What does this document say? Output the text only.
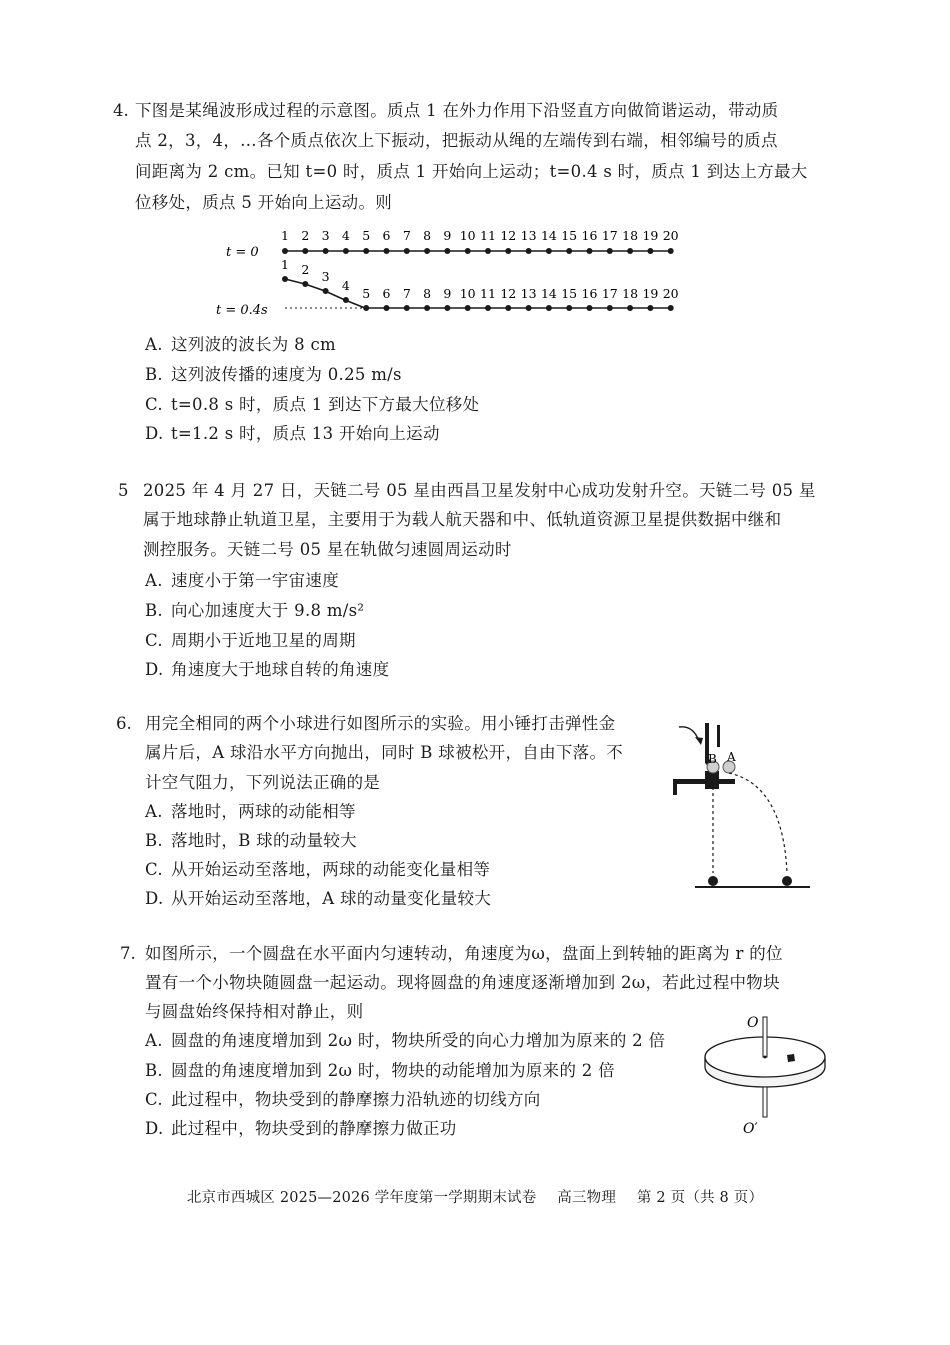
4. 下图是某绳波形成过程的示意图。质点 1 在外力作用下沿竖直方向做简谐运动，带动质
点 2，3，4，…各个质点依次上下振动，把振动从绳的左端传到右端，相邻编号的质点
间距离为 2 cm。已知 t=0 时，质点 1 开始向上运动；t=0.4 s 时，质点 1 到达上方最大
位移处，质点 5 开始向上运动。则
t = 0
1 2 3 4 5 6 7 8 9 10 11 12 13 14 15 16 17 18 19 20
t = 0.4s
1 2 3
4
5 6 7 8 9 10 11 12 13 14 15 16 17 18 19 20
A. 这列波的波长为 8 cm
B. 这列波传播的速度为 0.25 m/s
C. t=0.8 s 时，质点 1 到达下方最大位移处
D. t=1.2 s 时，质点 13 开始向上运动
5 2025 年 4 月 27 日，天链二号 05 星由西昌卫星发射中心成功发射升空。天链二号 05 星
属于地球静止轨道卫星，主要用于为载人航天器和中、低轨道资源卫星提供数据中继和
测控服务。天链二号 05 星在轨做匀速圆周运动时
A. 速度小于第一宇宙速度
B. 向心加速度大于 9.8 m/s²
C. 周期小于近地卫星的周期
D. 角速度大于地球自转的角速度
6. 用完全相同的两个小球进行如图所示的实验。用小锤打击弹性金
属片后，A 球沿水平方向抛出，同时 B 球被松开，自由下落。不
计空气阻力，下列说法正确的是
A. 落地时，两球的动能相等
B. 落地时，B 球的动量较大
C. 从开始运动至落地，两球的动能变化量相等
D. 从开始运动至落地，A 球的动量变化量较大
B A
7. 如图所示，一个圆盘在水平面内匀速转动，角速度为ω，盘面上到转轴的距离为 r 的位
置有一个小物块随圆盘一起运动。现将圆盘的角速度逐渐增加到 2ω，若此过程中物块
与圆盘始终保持相对静止，则
A. 圆盘的角速度增加到 2ω 时，物块所受的向心力增加为原来的 2 倍
B. 圆盘的角速度增加到 2ω 时，物块的动能增加为原来的 2 倍
C. 此过程中，物块受到的静摩擦力沿轨迹的切线方向
D. 此过程中，物块受到的静摩擦力做正功
O
O′
北京市西城区 2025—2026 学年度第一学期期末试卷 高三物理 第 2 页（共 8 页）
